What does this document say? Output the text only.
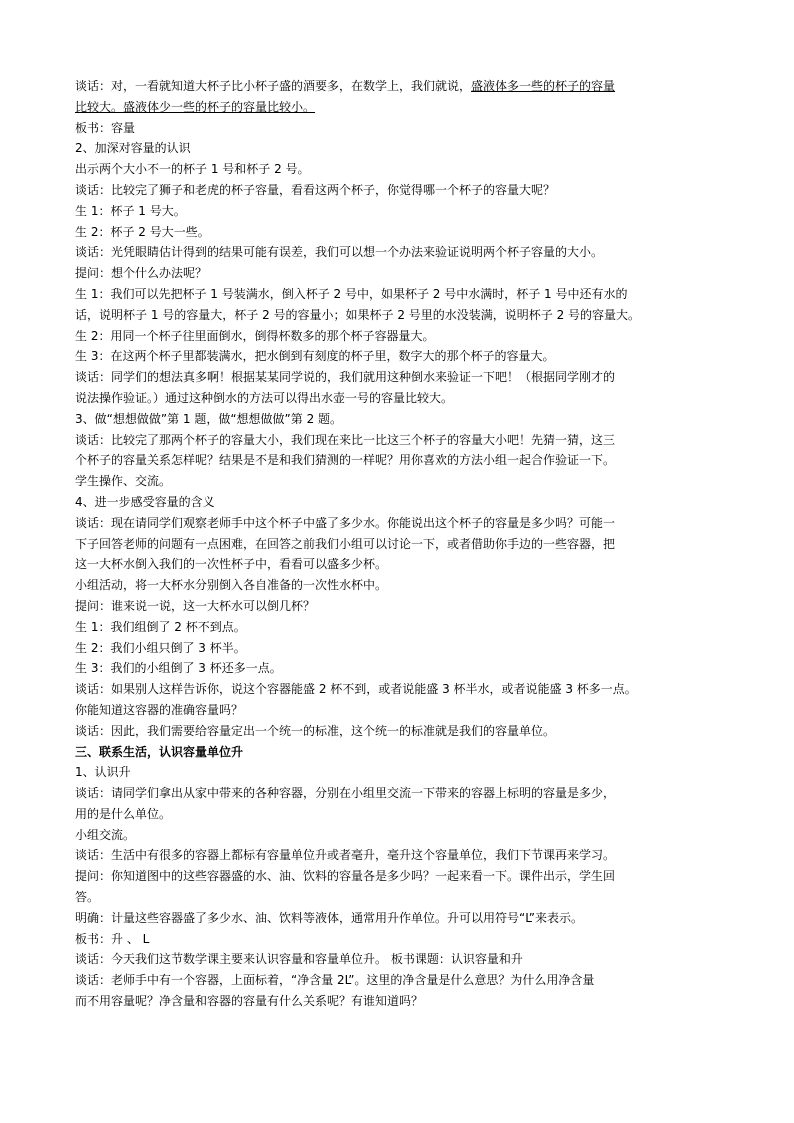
谈话：对，一看就知道大杯子比小杯子盛的酒要多，在数学上，我们就说，盛液体多一些的杯子的容量

比较大。盛液体少一些的杯子的容量比较小。

板书：容量

2、加深对容量的认识

出示两个大小不一的杯子 1 号和杯子 2 号。

谈话：比较完了狮子和老虎的杯子容量，看看这两个杯子，你觉得哪一个杯子的容量大呢？

生 1：杯子 1 号大。

生 2：杯子 2 号大一些。

谈话：光凭眼睛估计得到的结果可能有误差，我们可以想一个办法来验证说明两个杯子容量的大小。

提问：想个什么办法呢？

生 1：我们可以先把杯子 1 号装满水，倒入杯子 2 号中，如果杯子 2 号中水满时，杯子 1 号中还有水的

话，说明杯子 1 号的容量大，杯子 2 号的容量小；如果杯子 2 号里的水没装满，说明杯子 2 号的容量大。

生 2：用同一个杯子往里面倒水，倒得杯数多的那个杯子容器量大。

生 3：在这两个杯子里都装满水，把水倒到有刻度的杯子里，数字大的那个杯子的容量大。

谈话：同学们的想法真多啊！根据某某同学说的，我们就用这种倒水来验证一下吧！（根据同学刚才的

说法操作验证。）通过这种倒水的方法可以得出水壶一号的容量比较大。

3、做“想想做做”第 1 题，做“想想做做”第 2 题。

谈话：比较完了那两个杯子的容量大小，我们现在来比一比这三个杯子的容量大小吧！先猜一猜，这三

个杯子的容量关系怎样呢？结果是不是和我们猜测的一样呢？用你喜欢的方法小组一起合作验证一下。

学生操作、交流。

4、进一步感受容量的含义

谈话：现在请同学们观察老师手中这个杯子中盛了多少水。你能说出这个杯子的容量是多少吗？可能一

下子回答老师的问题有一点困难，在回答之前我们小组可以讨论一下，或者借助你手边的一些容器，把

这一大杯水倒入我们的一次性杯子中，看看可以盛多少杯。

小组活动，将一大杯水分别倒入各自准备的一次性水杯中。

提问：谁来说一说，这一大杯水可以倒几杯？

生 1：我们组倒了 2 杯不到点。

生 2：我们小组只倒了 3 杯半。

生 3：我们的小组倒了 3 杯还多一点。

谈话：如果别人这样告诉你，说这个容器能盛 2 杯不到，或者说能盛 3 杯半水，或者说能盛 3 杯多一点。

你能知道这容器的准确容量吗？

谈话：因此，我们需要给容量定出一个统一的标准，这个统一的标准就是我们的容量单位。

三、联系生活，认识容量单位升

1、认识升

谈话：请同学们拿出从家中带来的各种容器，分别在小组里交流一下带来的容器上标明的容量是多少，

用的是什么单位。

小组交流。

谈话：生活中有很多的容器上都标有容量单位升或者毫升，毫升这个容量单位，我们下节课再来学习。

提问：你知道图中的这些容器盛的水、油、饮料的容量各是多少吗？一起来看一下。课件出示，学生回

答。

明确：计量这些容器盛了多少水、油、饮料等液体，通常用升作单位。升可以用符号“L”来表示。

板书：升 、 L

谈话：今天我们这节数学课主要来认识容量和容量单位升。 板书课题：认识容量和升

谈话：老师手中有一个容器，上面标着，“净含量 2L”。这里的净含量是什么意思？为什么用净含量

而不用容量呢？净含量和容器的容量有什么关系呢？有谁知道吗？
